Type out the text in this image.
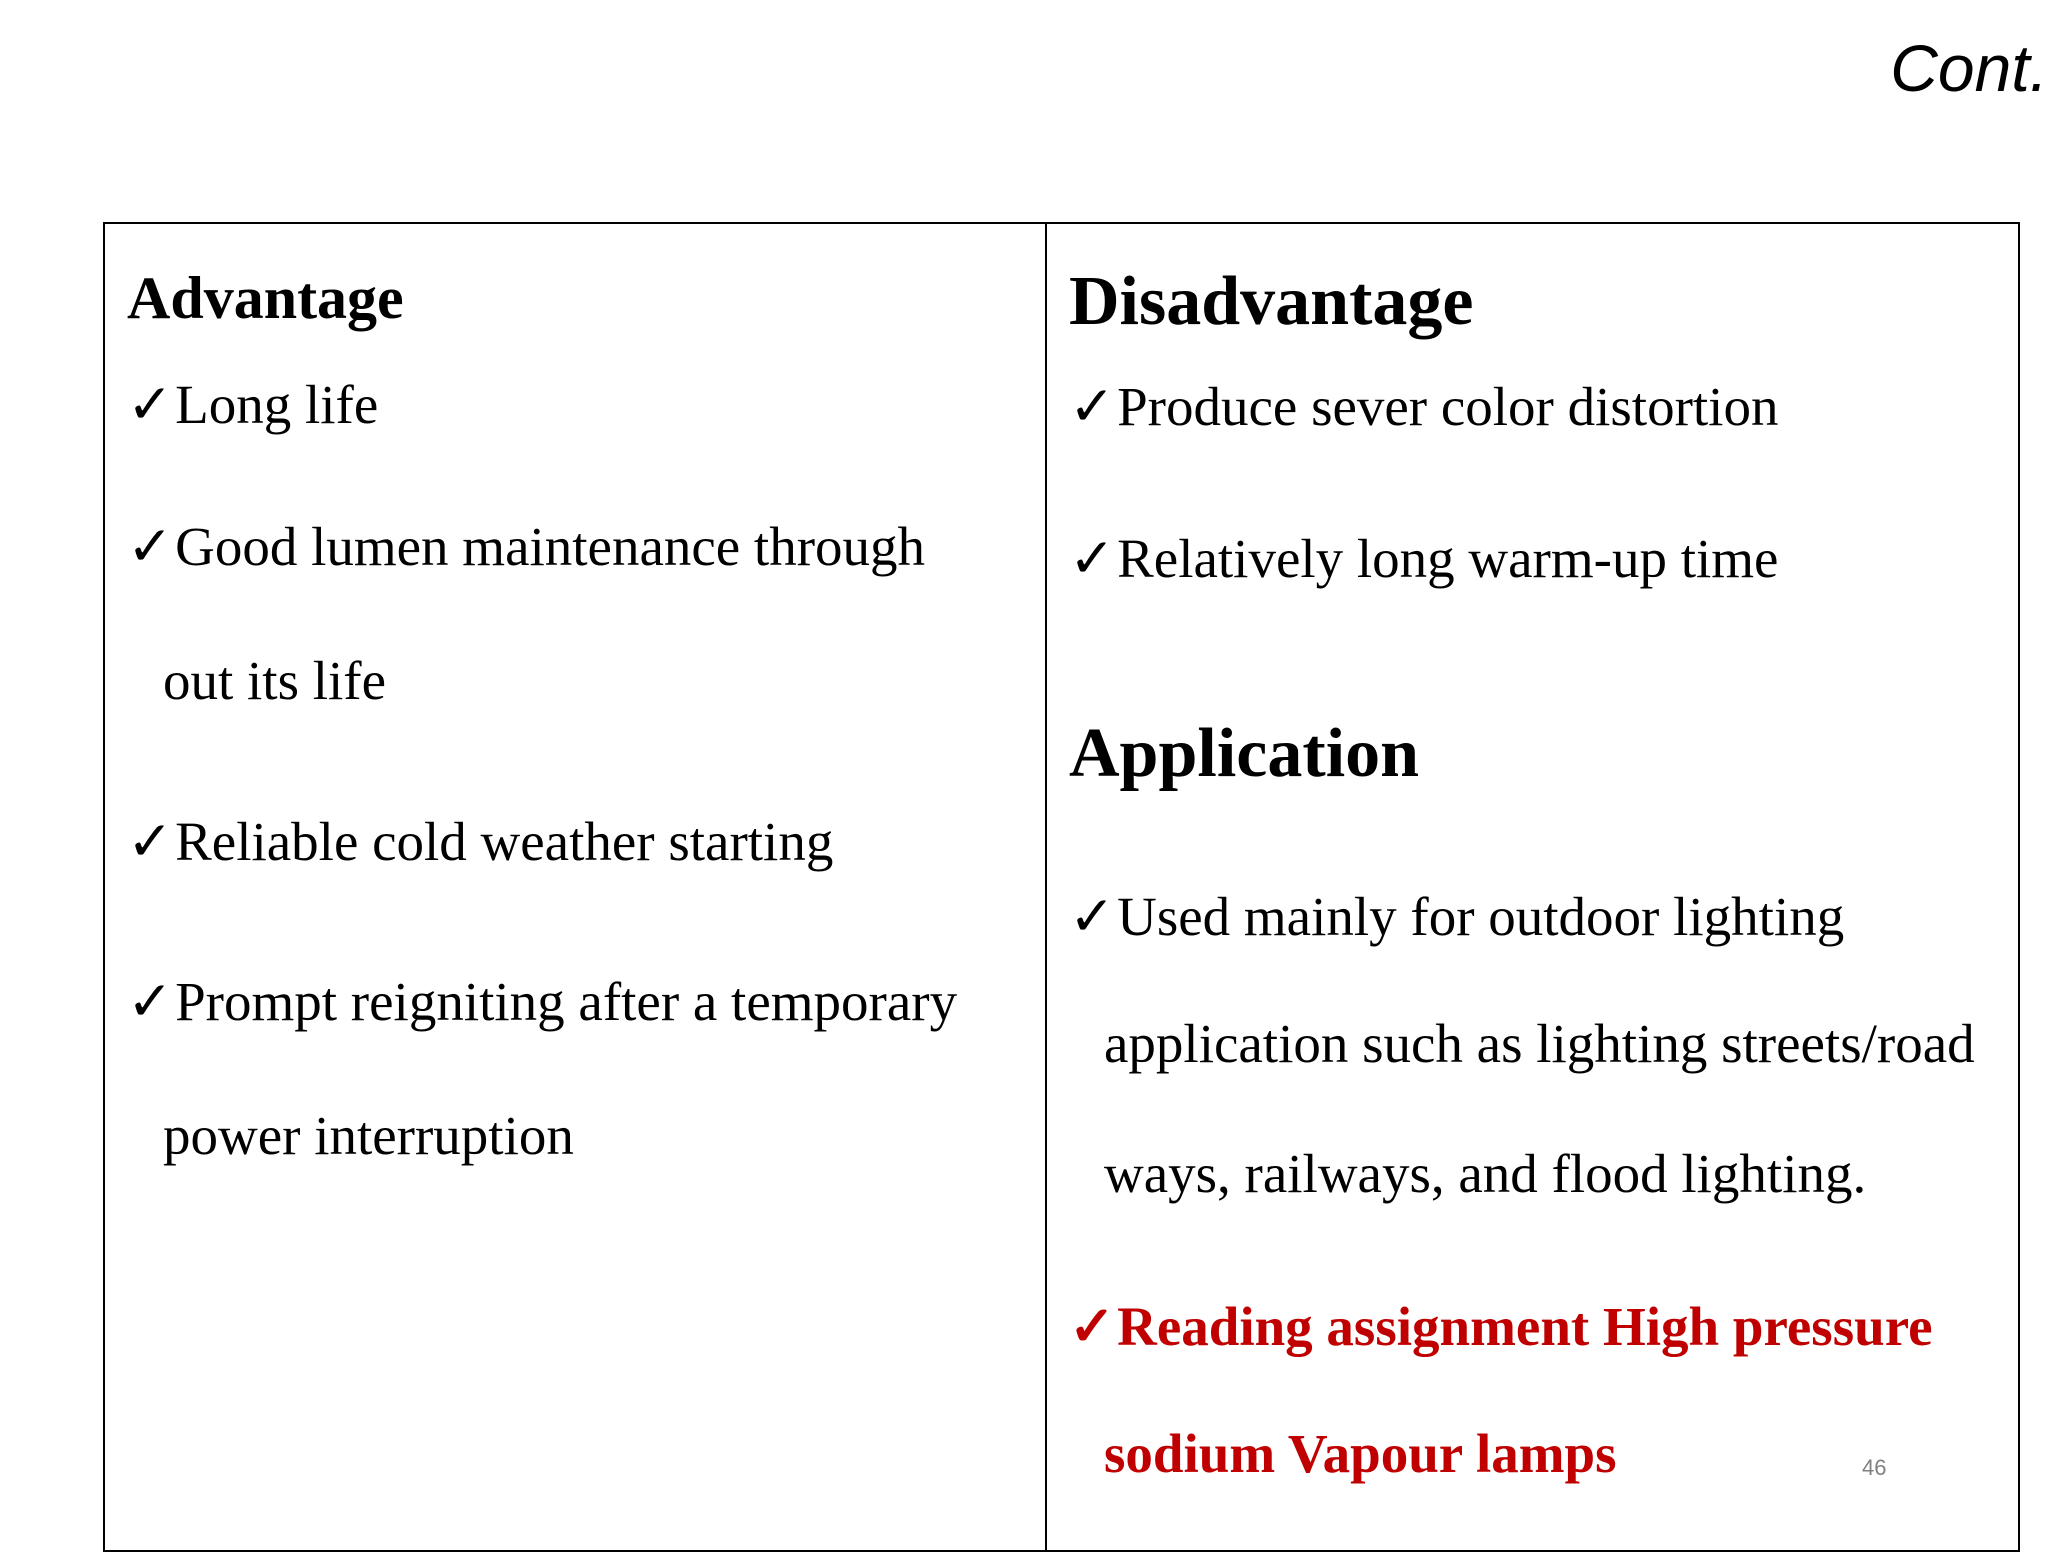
Cont.
Advantage
✓Long life
✓Good lumen maintenance through
out its life
✓Reliable cold weather starting
✓Prompt reigniting after a temporary
power interruption
Disadvantage
✓Produce sever color distortion
✓Relatively long warm-up time
Application
✓Used mainly for outdoor lighting
application such as lighting streets/road
ways, railways, and flood lighting.
✓Reading assignment High pressure
sodium Vapour lamps	46
